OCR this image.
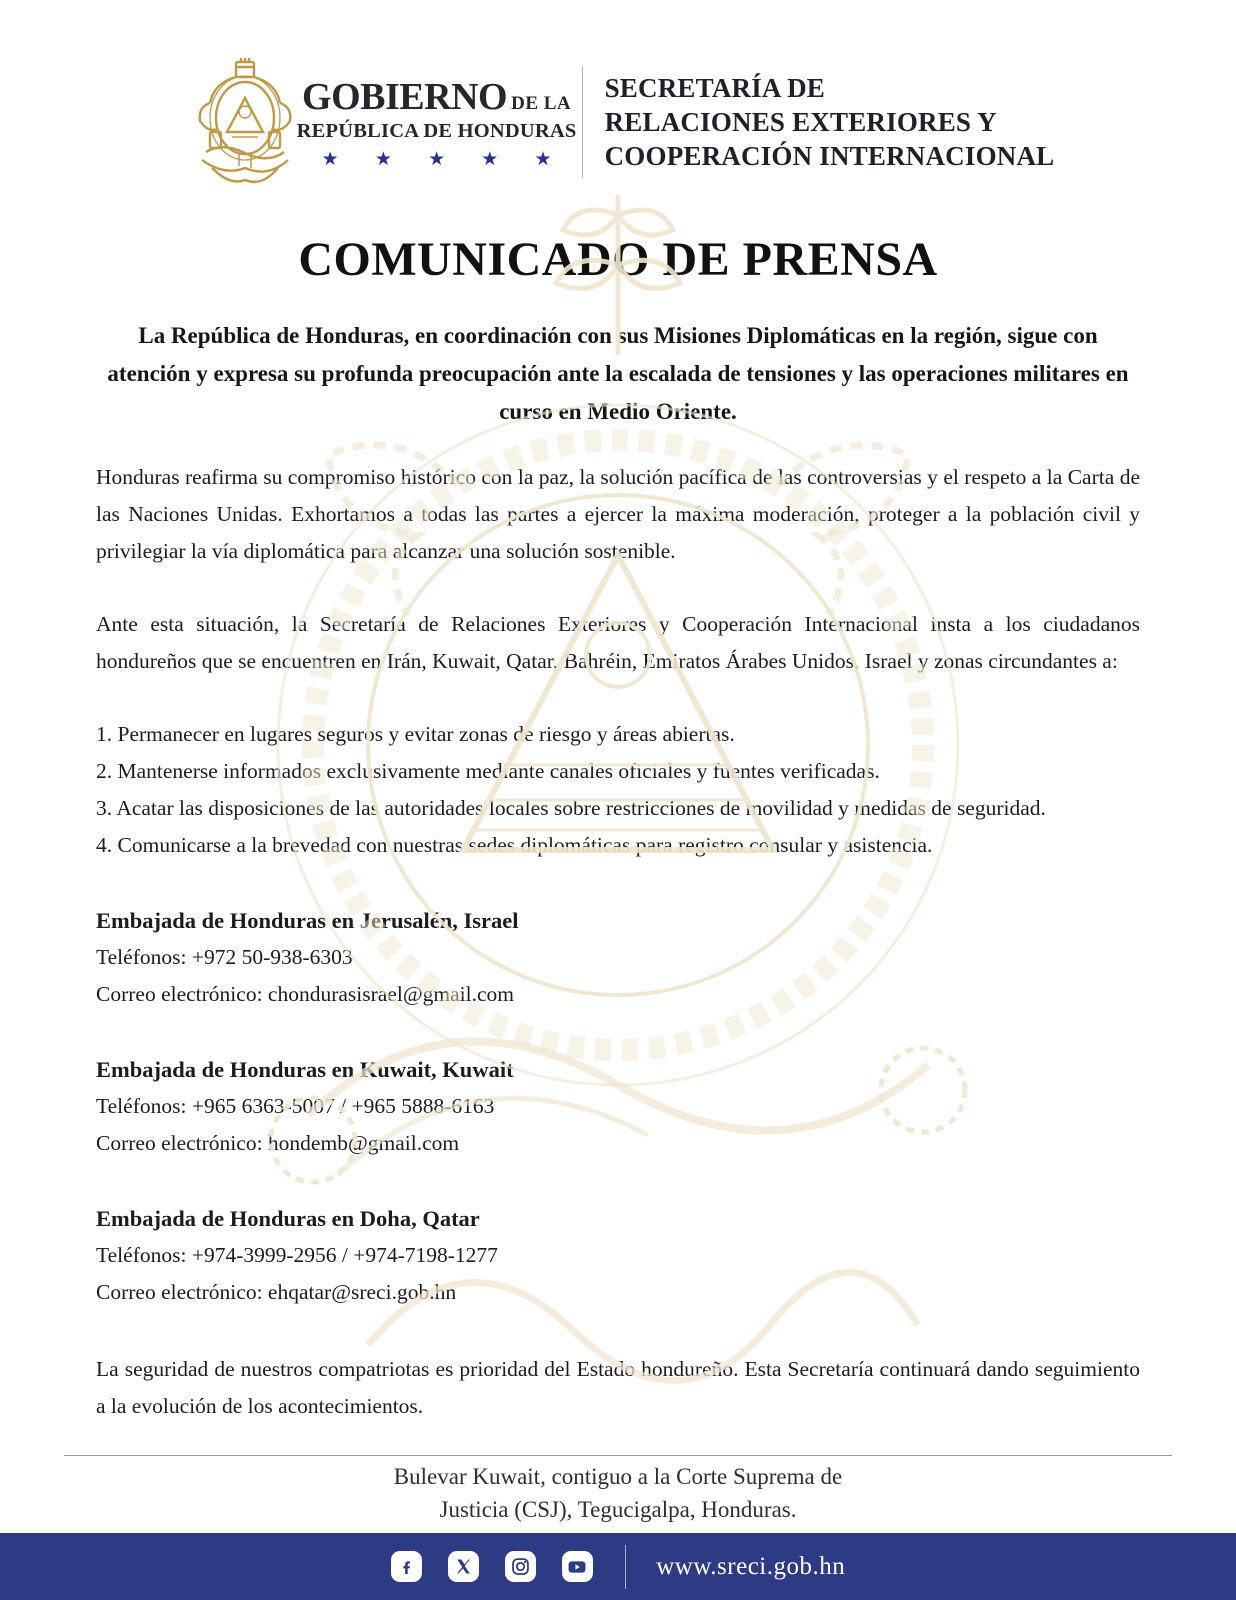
GOBIERNO DE LA
REPÚBLICA DE HONDURAS
★ ★ ★ ★ ★
SECRETARÍA DE
RELACIONES EXTERIORES Y
COOPERACIÓN INTERNACIONAL
COMUNICADO DE PRENSA

La República de Honduras, en coordinación con sus Misiones Diplomáticas en la región, sigue con atención y expresa su profunda preocupación ante la escalada de tensiones y las operaciones militares en curso en Medio Oriente.

Honduras reafirma su compromiso histórico con la paz, la solución pacífica de las controversias y el respeto a la Carta de las Naciones Unidas. Exhortamos a todas las partes a ejercer la máxima moderación, proteger a la población civil y privilegiar la vía diplomática para alcanzar una solución sostenible.

Ante esta situación, la Secretaría de Relaciones Exteriores y Cooperación Internacional insta a los ciudadanos hondureños que se encuentren en Irán, Kuwait, Qatar, Bahréin, Emiratos Árabes Unidos, Israel y zonas circundantes a:

1. Permanecer en lugares seguros y evitar zonas de riesgo y áreas abiertas.
2. Mantenerse informados exclusivamente mediante canales oficiales y fuentes verificadas.
3. Acatar las disposiciones de las autoridades locales sobre restricciones de movilidad y medidas de seguridad.
4. Comunicarse a la brevedad con nuestras sedes diplomáticas para registro consular y asistencia.
Embajada de Honduras en Jerusalén, Israel
Teléfonos: +972 50-938-6303
Correo electrónico: chondurasisrael@gmail.com
Embajada de Honduras en Kuwait, Kuwait
Teléfonos: +965 6363-5007 / +965 5888-6163
Correo electrónico: hondemb@gmail.com
Embajada de Honduras en Doha, Qatar
Teléfonos: +974-3999-2956 / +974-7198-1277
Correo electrónico: ehqatar@sreci.gob.hn

La seguridad de nuestros compatriotas es prioridad del Estado hondureño. Esta Secretaría continuará dando seguimiento a la evolución de los acontecimientos.

Bulevar Kuwait, contiguo a la Corte Suprema de
Justicia (CSJ), Tegucigalpa, Honduras.
www.sreci.gob.hn
